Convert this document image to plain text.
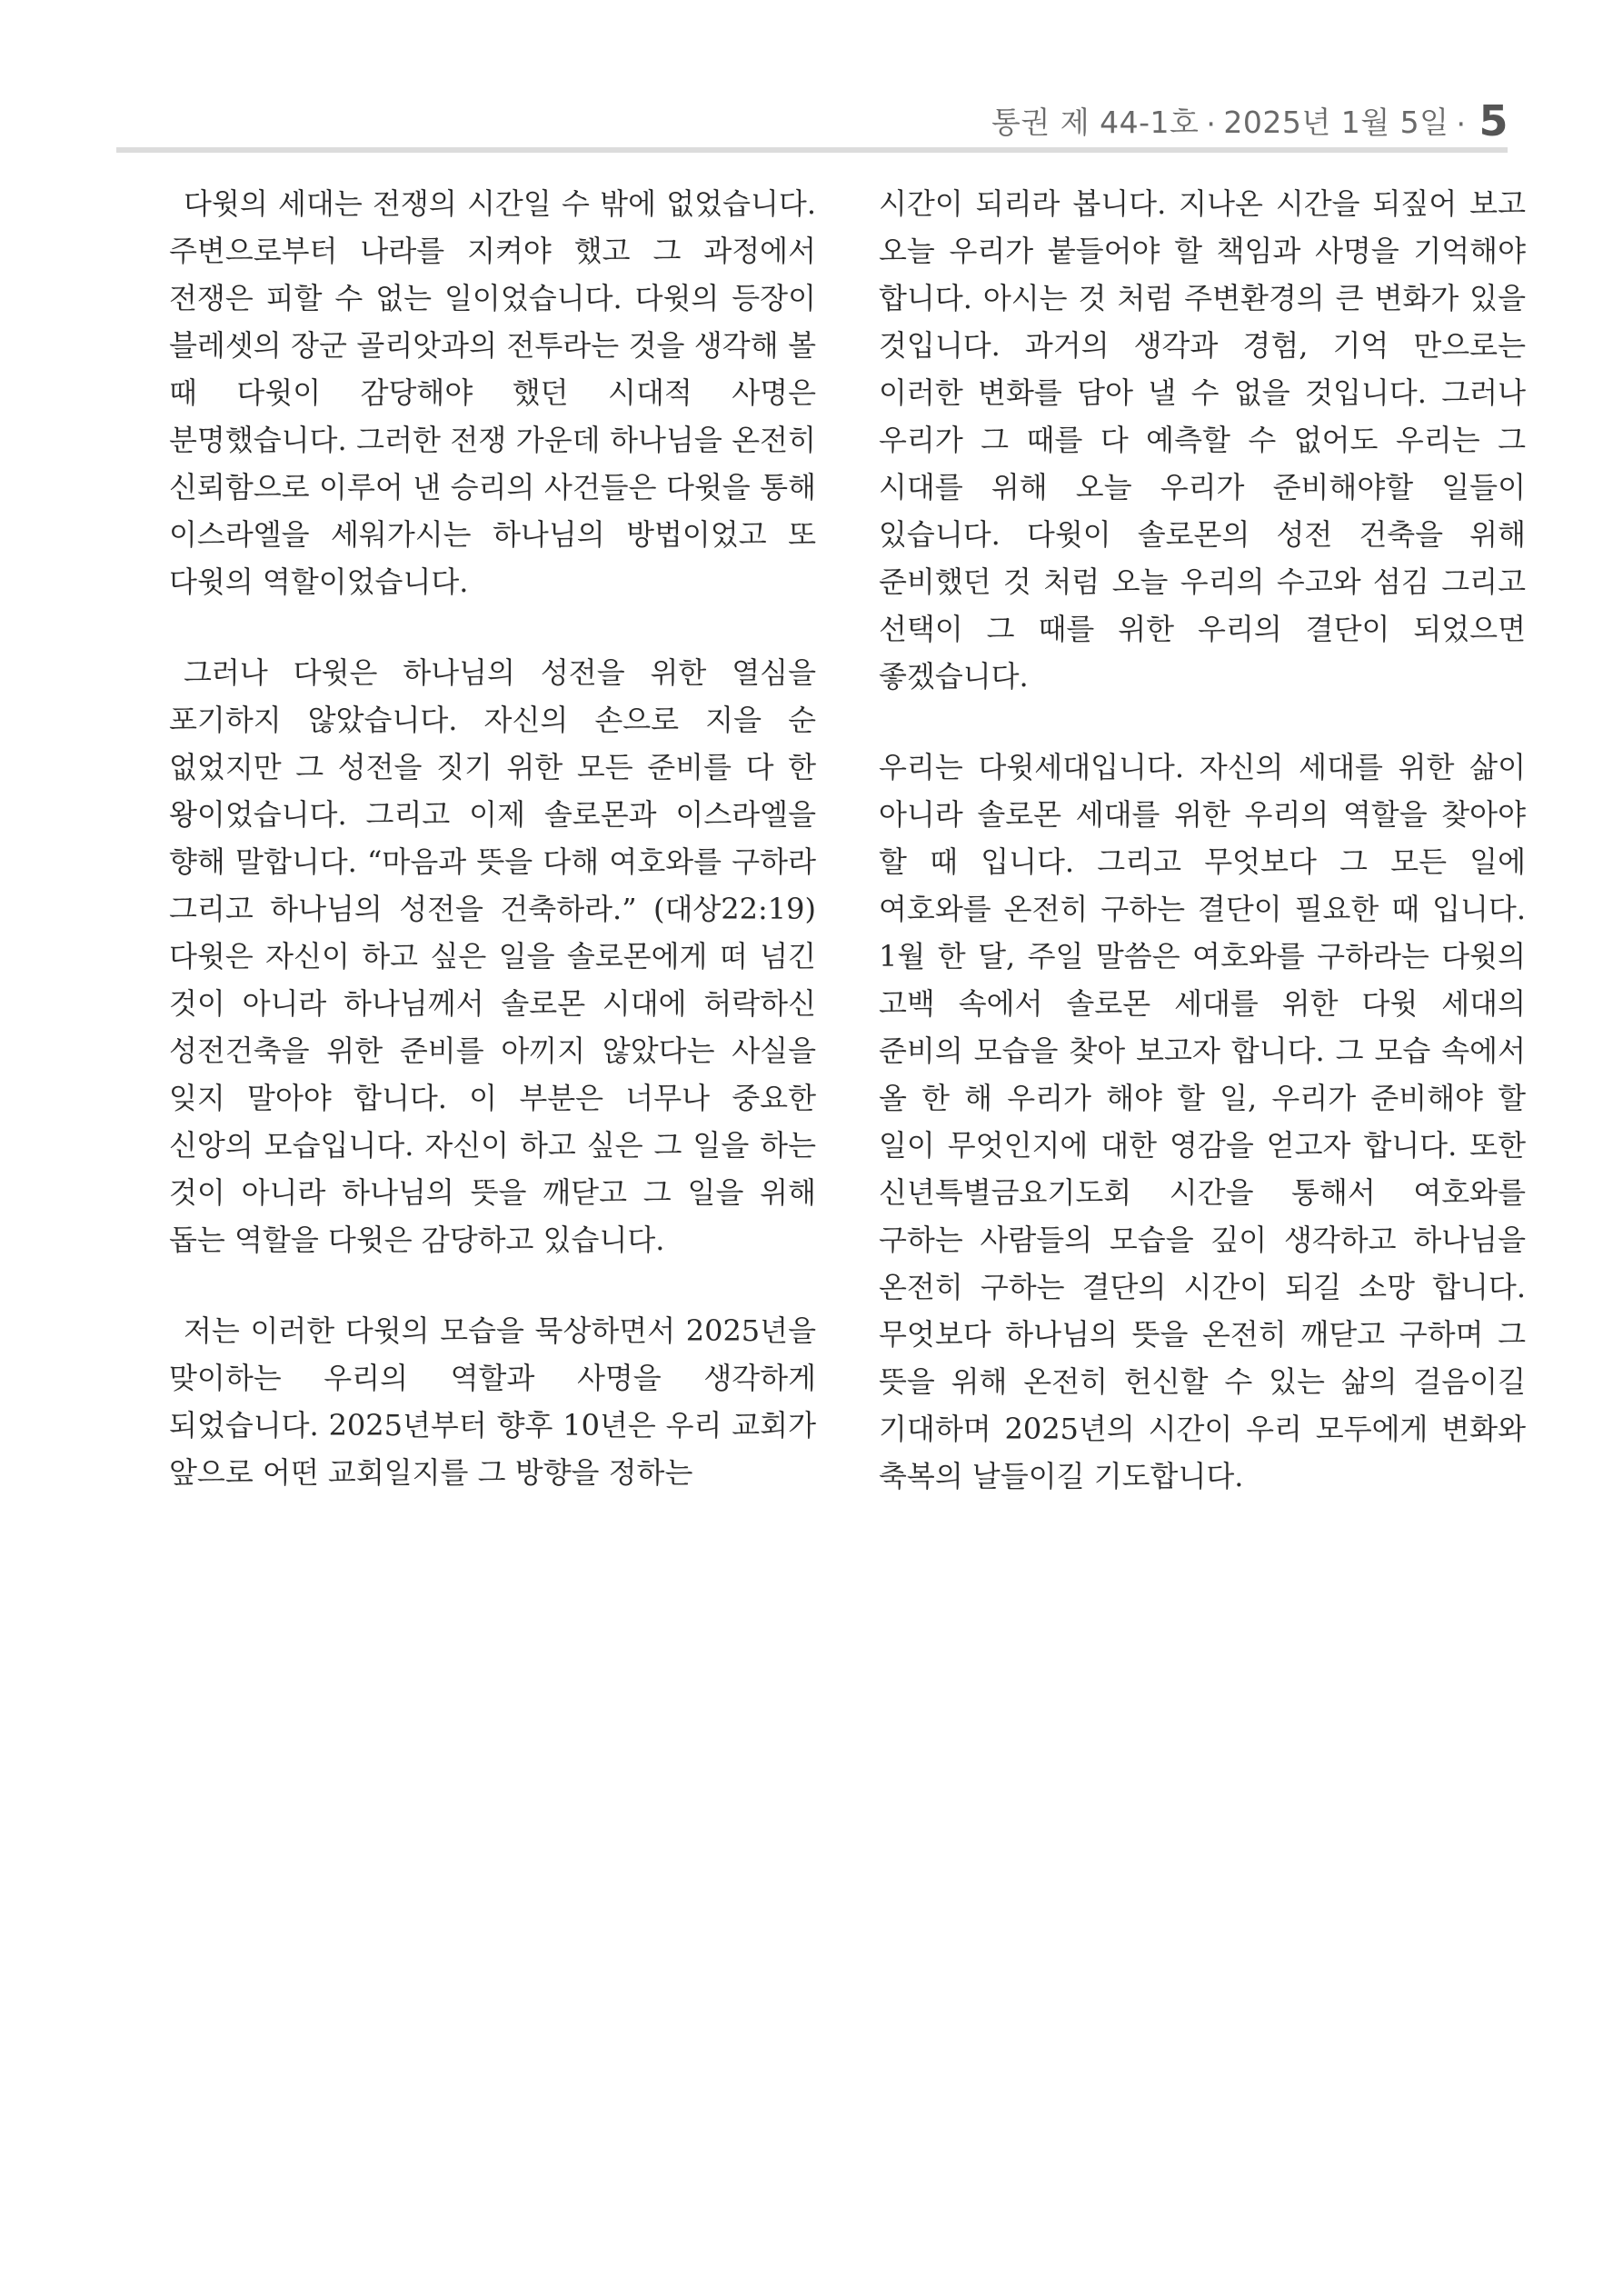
통권 제 44-1호 · 2025년 1월 5일 · 5

다윗의 세대는 전쟁의 시간일 수 밖에 없었습니다. 주변으로부터 나라를 지켜야 했고 그 과정에서 전쟁은 피할 수 없는 일이었습니다. 다윗의 등장이 블레셋의 장군 골리앗과의 전투라는 것을 생각해 볼 때 다윗이 감당해야 했던 시대적 사명은 분명했습니다. 그러한 전쟁 가운데 하나님을 온전히 신뢰함으로 이루어 낸 승리의 사건들은 다윗을 통해 이스라엘을 세워가시는 하나님의 방법이었고 또 다윗의 역할이었습니다.

그러나 다윗은 하나님의 성전을 위한 열심을 포기하지 않았습니다. 자신의 손으로 지을 순 없었지만 그 성전을 짓기 위한 모든 준비를 다 한 왕이었습니다. 그리고 이제 솔로몬과 이스라엘을 향해 말합니다. “마음과 뜻을 다해 여호와를 구하라 그리고 하나님의 성전을 건축하라.” (대상22:19) 다윗은 자신이 하고 싶은 일을 솔로몬에게 떠 넘긴 것이 아니라 하나님께서 솔로몬 시대에 허락하신 성전건축을 위한 준비를 아끼지 않았다는 사실을 잊지 말아야 합니다. 이 부분은 너무나 중요한 신앙의 모습입니다. 자신이 하고 싶은 그 일을 하는 것이 아니라 하나님의 뜻을 깨닫고 그 일을 위해 돕는 역할을 다윗은 감당하고 있습니다.

저는 이러한 다윗의 모습을 묵상하면서 2025년을 맞이하는 우리의 역할과 사명을 생각하게 되었습니다. 2025년부터 향후 10년은 우리 교회가 앞으로 어떤 교회일지를 그 방향을 정하는

시간이 되리라 봅니다. 지나온 시간을 되짚어 보고 오늘 우리가 붙들어야 할 책임과 사명을 기억해야 합니다. 아시는 것 처럼 주변환경의 큰 변화가 있을 것입니다. 과거의 생각과 경험, 기억 만으로는 이러한 변화를 담아 낼 수 없을 것입니다. 그러나 우리가 그 때를 다 예측할 수 없어도 우리는 그 시대를 위해 오늘 우리가 준비해야할 일들이 있습니다. 다윗이 솔로몬의 성전 건축을 위해 준비했던 것 처럼 오늘 우리의 수고와 섬김 그리고 선택이 그 때를 위한 우리의 결단이 되었으면 좋겠습니다.

우리는 다윗세대입니다. 자신의 세대를 위한 삶이 아니라 솔로몬 세대를 위한 우리의 역할을 찾아야 할 때 입니다. 그리고 무엇보다 그 모든 일에 여호와를 온전히 구하는 결단이 필요한 때 입니다. 1월 한 달, 주일 말씀은 여호와를 구하라는 다윗의 고백 속에서 솔로몬 세대를 위한 다윗 세대의 준비의 모습을 찾아 보고자 합니다. 그 모습 속에서 올 한 해 우리가 해야 할 일, 우리가 준비해야 할 일이 무엇인지에 대한 영감을 얻고자 합니다. 또한 신년특별금요기도회 시간을 통해서 여호와를 구하는 사람들의 모습을 깊이 생각하고 하나님을 온전히 구하는 결단의 시간이 되길 소망 합니다. 무엇보다 하나님의 뜻을 온전히 깨닫고 구하며 그 뜻을 위해 온전히 헌신할 수 있는 삶의 걸음이길 기대하며 2025년의 시간이 우리 모두에게 변화와 축복의 날들이길 기도합니다.
